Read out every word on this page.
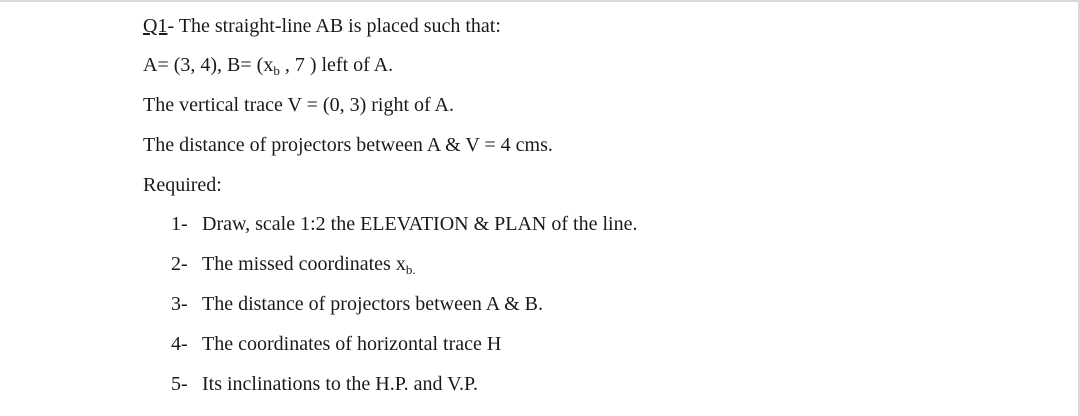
Q1- The straight-line AB is placed such that:
A= (3, 4), $B= (x_b$ , 7 ) left of A.
The vertical trace V = (0, 3) right of A.
The distance of projectors between A & V = 4 cms.
Required:
1- Draw, scale 1:2 the ELEVATION & PLAN of the line.
2- The missed coordinates $x_{b.}$
3- The distance of projectors between A & B.
4- The coordinates of horizontal trace H
5- Its inclinations to the H.P. and V.P.
